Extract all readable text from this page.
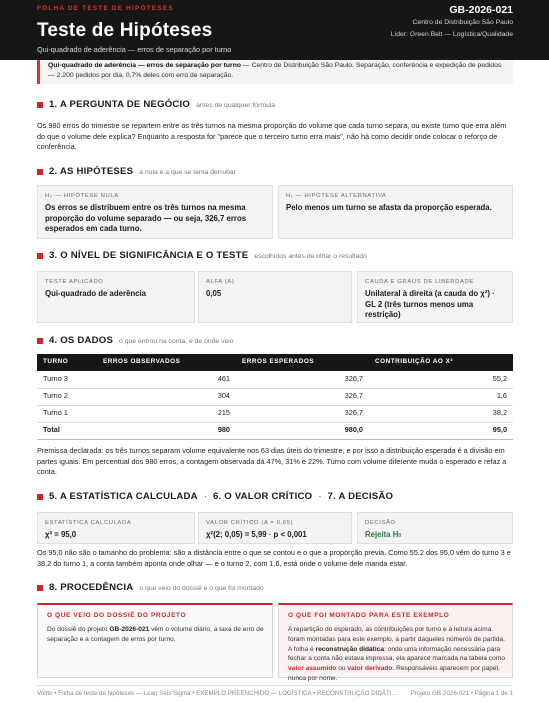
FOLHA DE TESTE DE HIPÓTESES
Teste de Hipóteses
Qui-quadrado de aderência — erros de separação por turno
GB-2026-021
Centro de Distribuição São Paulo
Líder: Green Belt — Logística/Qualidade
Qui-quadrado de aderência — erros de separação por turno — Centro de Distribuição São Paulo. Separação, conferência e expedição de pedidos — 2.200 pedidos por dia, 0,7% deles com erro de separação.
1. A PERGUNTA DE NEGÓCIO antes de qualquer fórmula
Os 980 erros do trimestre se repartem entre os três turnos na mesma proporção do volume que cada turno separa, ou existe turno que erra além do que o volume dele explica? Enquanto a resposta for "parece que o terceiro turno erra mais", não há como decidir onde colocar o reforço de conferência.
2. AS HIPÓTESES a nula é a que se tenta derrubar
H₀ — HIPÓTESE NULA
Os erros se distribuem entre os três turnos na mesma proporção do volume separado — ou seja, 326,7 erros esperados em cada turno.
H₁ — HIPÓTESE ALTERNATIVA
Pelo menos um turno se afasta da proporção esperada.
3. O NÍVEL DE SIGNIFICÂNCIA E O TESTE escolhidos antes de olhar o resultado
TESTE APLICADO
Qui-quadrado de aderência
ALFA (Α)
0,05
CAUDA E GRAUS DE LIBERDADE
Unilateral à direita (a cauda do χ²) · GL 2 (três turnos menos uma restrição)
4. OS DADOS o que entrou na conta, e de onde veio
TURNO	ERROS OBSERVADOS	ERROS ESPERADOS	CONTRIBUIÇÃO AO X²
Turno 3	461	326,7	55,2
Turno 2	304	326,7	1,6
Turno 1	215	326,7	38,2
Total	980	980,0	95,0
Premissa declarada: os três turnos separam volume equivalente nos 63 dias úteis do trimestre, e por isso a distribuição esperada é a divisão em partes iguais. Em percentual dos 980 erros, a contagem observada dá 47%, 31% e 22%. Turno com volume diferente muda o esperado e refaz a conta.
5. A ESTATÍSTICA CALCULADA · 6. O VALOR CRÍTICO · 7. A DECISÃO
ESTATÍSTICA CALCULADA
χ² = 95,0
VALOR CRÍTICO (Α = 0,05)
χ²(2; 0,05) = 5,99 · p < 0,001
DECISÃO
Rejeita H0
Os 95,0 não são o tamanho do problema: são a distância entre o que se contou e o que a proporção previa. Como 55,2 dos 95,0 vêm do turno 3 e 38,2 do turno 1, a conta também aponta onde olhar — e o turno 2, com 1,6, está onde o volume dele manda estar.
8. PROCEDÊNCIA o que veio do dossiê e o que foi montado
O QUE VEIO DO DOSSIÊ DO PROJETO
Do dossiê do projeto GB-2026-021 vêm o volume diário, a taxa de erro de separação e a contagem de erros por turno.
O QUE FOI MONTADO PARA ESTE EXEMPLO
A repartição do esperado, as contribuições por turno e a leitura acima foram montadas para este exemplo, a partir daqueles números de partida. A folha é reconstrução didática: onde uma informação necessária para fechar a conta não estava impressa, ela aparece marcada na tabela como valor assumido ou valor derivado. Responsáveis aparecem por papel, nunca por nome.
Voitto • Folha de teste de hipóteses — Lean Seis Sigma • EXEMPLO PREENCHIDO — LOGÍSTICA • RECONSTRUÇÃO DIDÁTI… Projeto GB-2026-021 • Página 1 de 1
